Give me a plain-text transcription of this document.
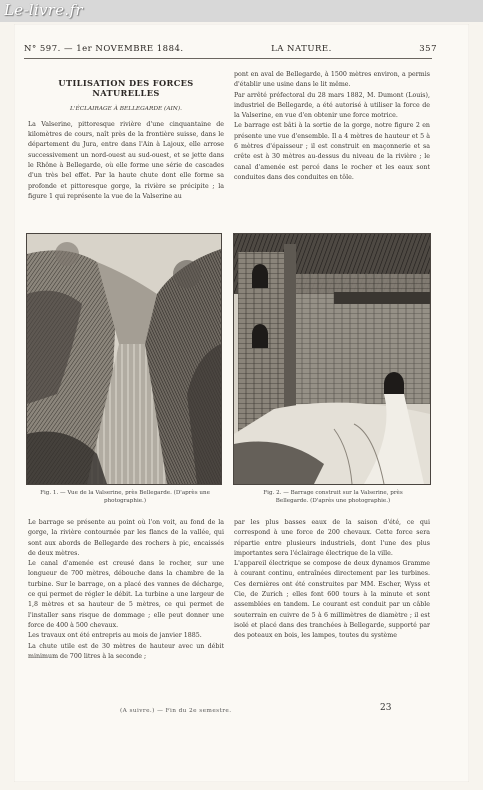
Le-livre.fr
N° 597. — 1er NOVEMBRE 1884.	LA NATURE.	357
UTILISATION DES FORCES NATURELLES
L'ÉCLAIRAGE À BELLEGARDE (AIN).

La Valserine, pittoresque rivière d'une cinquantaine de kilomètres de cours, naît près de la frontière suisse, dans le département du Jura, entre dans l'Ain à Lajoux, elle arrose successivement un nord-ouest au sud-ouest, et se jette dans le Rhône à Bellegarde, où elle forme une série de cascades d'un très bel effet. Par la haute chute dont elle forme sa profonde et pittoresque gorge, la rivière se précipite ; la figure 1 qui représente la vue de la Valserine au

pont en aval de Bellegarde, à 1500 mètres environ, a permis d'établir une usine dans le lit même.

Par arrêté préfectoral du 28 mars 1882, M. Dumont (Louis), industriel de Bellegarde, a été autorisé à utiliser la force de la Valserine, en vue d'en obtenir une force motrice.

Le barrage est bâti à la sortie de la gorge, notre figure 2 en présente une vue d'ensemble. Il a 4 mètres de hauteur et 5 à 6 mètres d'épaisseur ; il est construit en maçonnerie et sa crête est à 30 mètres au-dessus du niveau de la rivière ; le canal d'amenée est percé dans le rocher et les eaux sont conduites dans des conduites en tôle.

Fig. 1. — Vue de la Valserine, près Bellegarde. (D'après une photographie.)
Fig. 2. — Barrage construit sur la Valserine, près Bellegarde. (D'après une photographie.)

Le barrage se présente au point où l'on voit, au fond de la gorge, la rivière contournée par les flancs de la vallée, qui sont aux abords de Bellegarde des rochers à pic, encaissés de deux mètres.

Le canal d'amenée est creusé dans le rocher, sur une longueur de 700 mètres, débouche dans la chambre de la turbine. Sur le barrage, on a placé des vannes de décharge, ce qui permet de régler le débit. La turbine a une largeur de 1,8 mètres et sa hauteur de 5 mètres, ce qui permet de l'installer sans risque de dommage ; elle peut donner une force de 400 à 500 chevaux.

Les travaux ont été entrepris au mois de janvier 1885.

La chute utile est de 30 mètres de hauteur avec un débit minimum de 700 litres à la seconde ;

par les plus basses eaux de la saison d'été, ce qui correspond à une force de 200 chevaux. Cette force sera répartie entre plusieurs industriels, dont l'une des plus importantes sera l'éclairage électrique de la ville.

L'appareil électrique se compose de deux dynamos Gramme à courant continu, entraînées directement par les turbines. Ces dernières ont été construites par MM. Escher, Wyss et Cie, de Zurich ; elles font 600 tours à la minute et sont assemblées en tandem. Le courant est conduit par un câble souterrain en cuivre de 5 à 6 millimètres de diamètre ; il est isolé et placé dans des tranchées à Bellegarde, supporté par des poteaux en bois, les lampes, toutes du système

(A suivre.) — Fin du 2e semestre.	23
